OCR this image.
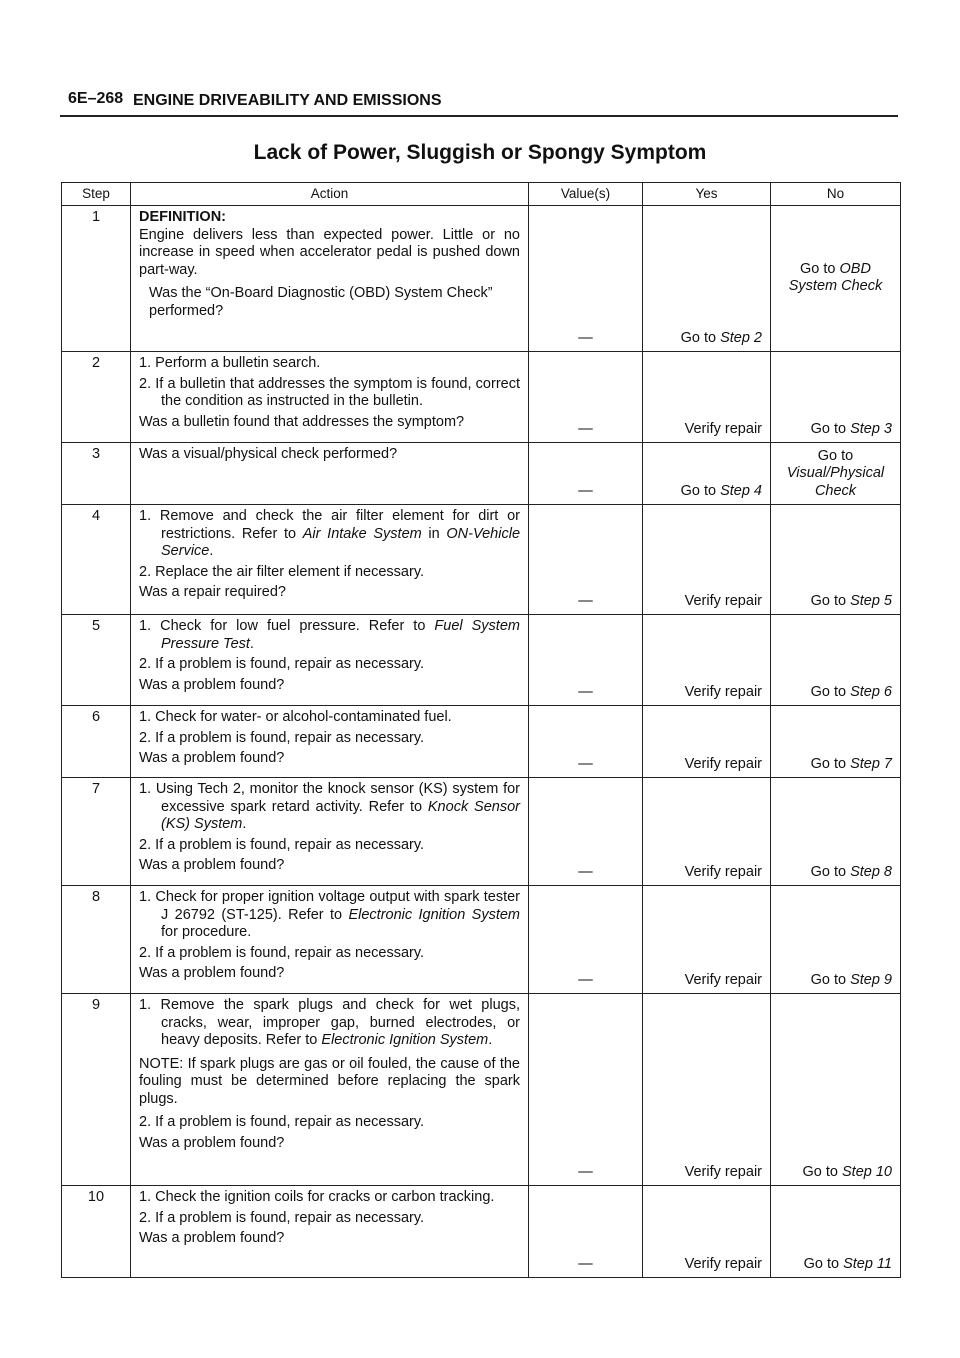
6E–268 ENGINE DRIVEABILITY AND EMISSIONS
Lack of Power, Sluggish or Spongy Symptom
Step	Action	Value(s)	Yes	No
1	DEFINITION:
Engine delivers less than expected power. Little or no increase in speed when accelerator pedal is pushed down part-way.
Was the “On-Board Diagnostic (OBD) System Check” performed?	—	Go to Step 2	Go to OBD System Check
2	1. Perform a bulletin search.
2. If a bulletin that addresses the symptom is found, correct the condition as instructed in the bulletin.
Was a bulletin found that addresses the symptom?	—	Verify repair	Go to Step 3
3	Was a visual/physical check performed?	—	Go to Step 4	Go to
Visual/Physical Check

4	1. Remove and check the air filter element for dirt or restrictions. Refer to Air Intake System in ON-Vehicle Service.
2. Replace the air filter element if necessary.
Was a repair required?	—	Verify repair	Go to Step 5
5	1. Check for low fuel pressure. Refer to Fuel System Pressure Test.
2. If a problem is found, repair as necessary.
Was a problem found?	—	Verify repair	Go to Step 6
6	1. Check for water- or alcohol-contaminated fuel.
2. If a problem is found, repair as necessary.
Was a problem found?	—	Verify repair	Go to Step 7
7	1. Using Tech 2, monitor the knock sensor (KS) system for excessive spark retard activity. Refer to Knock Sensor (KS) System.
2. If a problem is found, repair as necessary.
Was a problem found?	—	Verify repair	Go to Step 8
8	1. Check for proper ignition voltage output with spark tester J 26792 (ST-125). Refer to Electronic Ignition System for procedure.
2. If a problem is found, repair as necessary.
Was a problem found?	—	Verify repair	Go to Step 9
9	1. Remove the spark plugs and check for wet plugs, cracks, wear, improper gap, burned electrodes, or heavy deposits. Refer to Electronic Ignition System.
NOTE: If spark plugs are gas or oil fouled, the cause of the fouling must be determined before replacing the spark plugs.
2. If a problem is found, repair as necessary.
Was a problem found?	—	Verify repair	Go to Step 10
10	1. Check the ignition coils for cracks or carbon tracking.
2. If a problem is found, repair as necessary.
Was a problem found?	—	Verify repair	Go to Step 11
